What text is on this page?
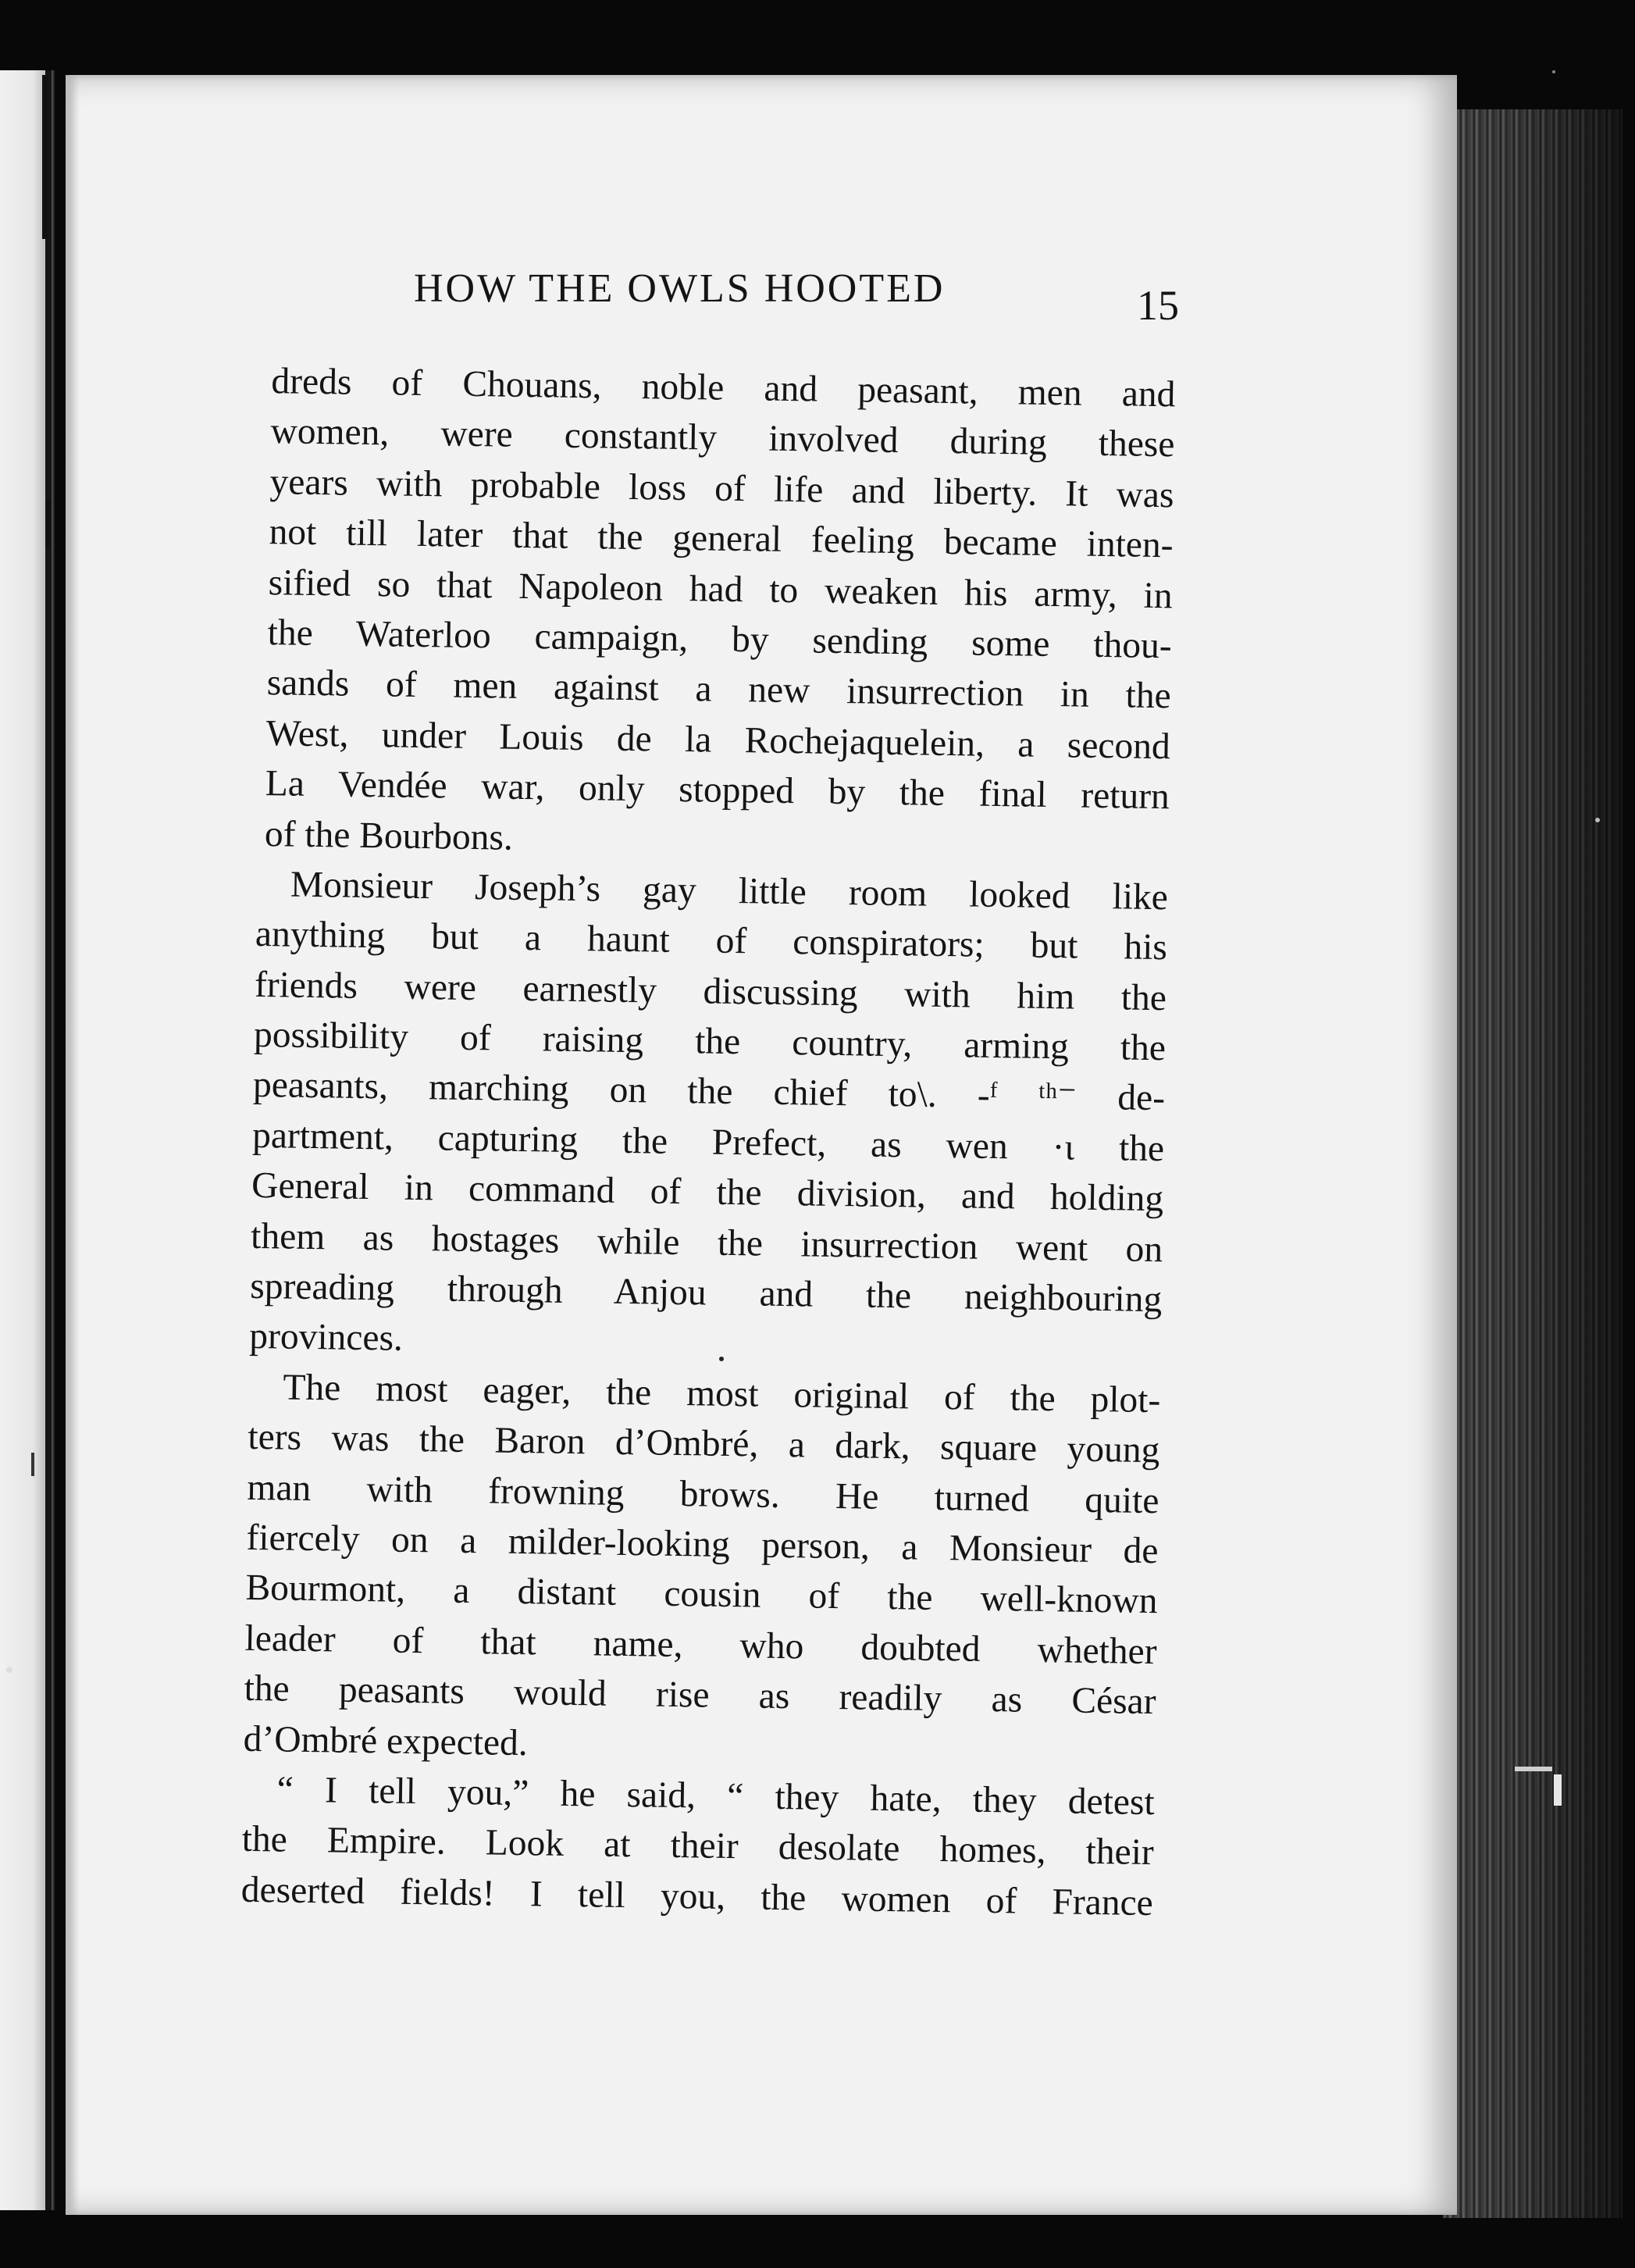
HOW THE OWLS HOOTED	15
dreds of Chouans, noble and peasant, men and
women, were constantly involved during these
years with probable loss of life and liberty. It was
not till later that the general feeling became inten-
sified so that Napoleon had to weaken his army, in
the Waterloo campaign, by sending some thou-
sands of men against a new insurrection in the
West, under Louis de la Rochejaquelein, a second
La Vendée war, only stopped by the final return
of the Bourbons.
Monsieur Joseph’s gay little room looked like
anything but a haunt of conspirators; but his
friends were earnestly discussing with him the
possibility of raising the country, arming the
peasants, marching on the chief to\. -ᶠ ᵗʰ⁻ de-
partment, capturing the Prefect, as wen ·ɩ the
General in command of the division, and holding
them as hostages while the insurrection went on
spreading through Anjou and the neighbouring
provinces.
The most eager, the most original of the plot-
ters was the Baron d’Ombré, a dark, square young
man with frowning brows. He turned quite
fiercely on a milder-looking person, a Monsieur de
Bourmont, a distant cousin of the well-known
leader of that name, who doubted whether
the peasants would rise as readily as César
d’Ombré expected.
“ I tell you,” he said, “ they hate, they detest
the Empire. Look at their desolate homes, their
deserted fields! I tell you, the women of France
